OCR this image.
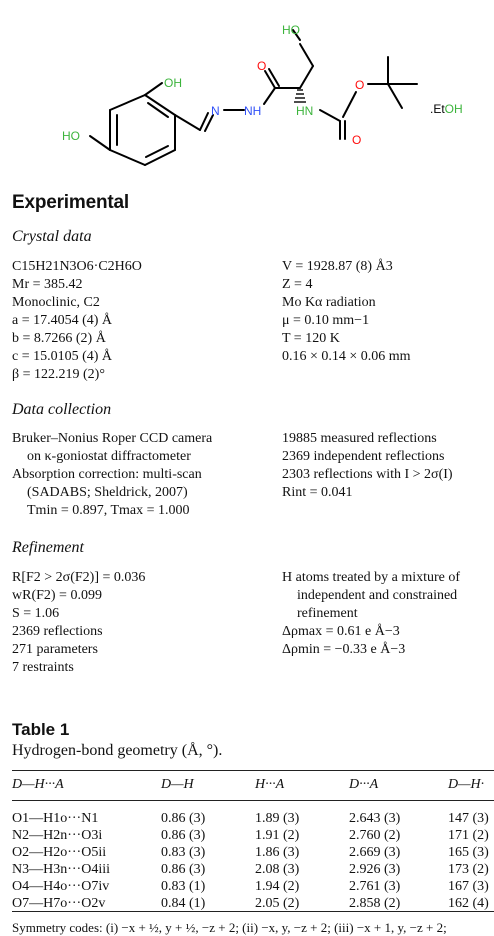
HO
OH
HO
N NH	HN
O
O
O
.EtOH
Experimental
Crystal data
C15H21N3O6·C2H6O
Mr = 385.42
Monoclinic, C2
a = 17.4054 (4) Å
b = 8.7266 (2) Å
c = 15.0105 (4) Å
β = 122.219 (2)°
V = 1928.87 (8) Å3
Z = 4
Mo Kα radiation
μ = 0.10 mm−1
T = 120 K
0.16 × 0.14 × 0.06 mm
Data collection
Bruker–Nonius Roper CCD camera
on κ-goniostat diffractometer
Absorption correction: multi-scan
(SADABS; Sheldrick, 2007)
Tmin = 0.897, Tmax = 1.000
19885 measured reflections
2369 independent reflections
2303 reflections with I > 2σ(I)
Rint = 0.041
Refinement
R[F2 > 2σ(F2)] = 0.036
wR(F2) = 0.099
S = 1.06
2369 reflections
271 parameters
7 restraints
H atoms treated by a mixture of
independent and constrained
refinement
Δρmax = 0.61 e Å−3
Δρmin = −0.33 e Å−3
Table 1
Hydrogen-bond geometry (Å, °).
D—H···A	D—H	H···A	D···A	D—H·
O1—H1o···N1	0.86 (3)	1.89 (3)	2.643 (3)	147 (3)
N2—H2n···O3i	0.86 (3)	1.91 (2)	2.760 (2)	171 (2)
O2—H2o···O5ii	0.83 (3)	1.86 (3)	2.669 (3)	165 (3)
N3—H3n···O4iii	0.86 (3)	2.08 (3)	2.926 (3)	173 (2)
O4—H4o···O7iv	0.83 (1)	1.94 (2)	2.761 (3)	167 (3)
O7—H7o···O2v	0.84 (1)	2.05 (2)	2.858 (2)	162 (4)
Symmetry codes: (i) −x + ½, y + ½, −z + 2; (ii) −x, y, −z + 2; (iii) −x + 1, y, −z + 2;
